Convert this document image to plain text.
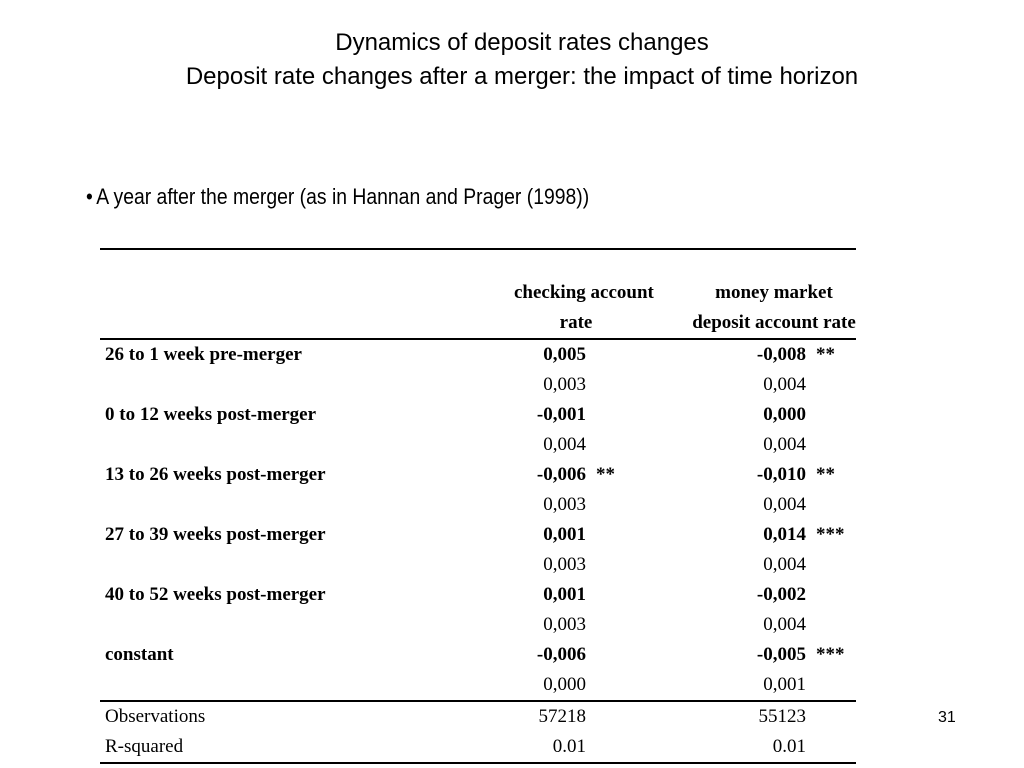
Dynamics of deposit rates changes
Deposit rate changes after a merger: the impact of time horizon
• A year after the merger (as in Hannan and Prager (1998))

	checking account		money market	
	rate		deposit account rate	
26 to 1 week pre-merger	0,005		-0,008	**
	0,003		0,004	
0 to 12 weeks post-merger	-0,001		0,000	
	0,004		0,004	
13 to 26 weeks post-merger	-0,006	**	-0,010	**
	0,003		0,004	
27 to 39 weeks post-merger	0,001		0,014	***
	0,003		0,004	
40 to 52 weeks post-merger	0,001		-0,002	
	0,003		0,004	
constant	-0,006		-0,005	***
	0,000		0,001	
Observations	57218		55123	
R-squared	0.01		0.01	
31
